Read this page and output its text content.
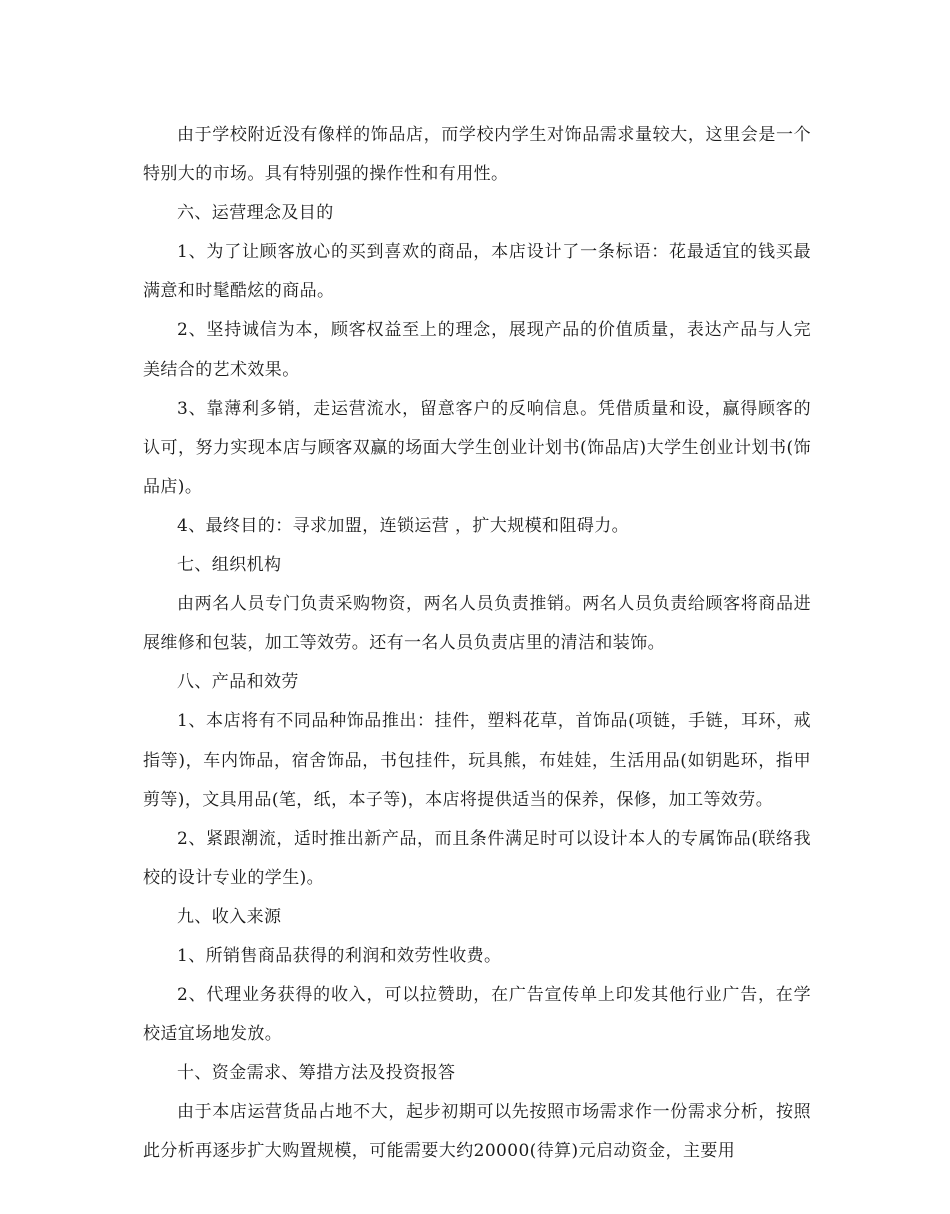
由于学校附近没有像样的饰品店，而学校内学生对饰品需求量较大，这里会是一个特别大的市场。具有特别强的操作性和有用性。

六、运营理念及目的

1、为了让顾客放心的买到喜欢的商品，本店设计了一条标语：花最适宜的钱买最满意和时髦酷炫的商品。

2、坚持诚信为本，顾客权益至上的理念，展现产品的价值质量，表达产品与人完美结合的艺术效果。

3、靠薄利多销，走运营流水，留意客户的反响信息。凭借质量和设，赢得顾客的认可，努力实现本店与顾客双赢的场面大学生创业计划书(饰品店)大学生创业计划书(饰品店)。

4、最终目的：寻求加盟，连锁运营 ，扩大规模和阻碍力。

七、组织机构

由两名人员专门负责采购物资，两名人员负责推销。两名人员负责给顾客将商品进展维修和包装，加工等效劳。还有一名人员负责店里的清洁和装饰。

八、产品和效劳

1、本店将有不同品种饰品推出：挂件，塑料花草，首饰品(项链，手链，耳环，戒指等)，车内饰品，宿舍饰品，书包挂件，玩具熊，布娃娃，生活用品(如钥匙环，指甲剪等)，文具用品(笔，纸，本子等)，本店将提供适当的保养，保修，加工等效劳。

2、紧跟潮流，适时推出新产品，而且条件满足时可以设计本人的专属饰品(联络我校的设计专业的学生)。

九、收入来源

1、所销售商品获得的利润和效劳性收费。

2、代理业务获得的收入，可以拉赞助，在广告宣传单上印发其他行业广告，在学校适宜场地发放。

十、资金需求、筹措方法及投资报答

由于本店运营货品占地不大，起步初期可以先按照市场需求作一份需求分析，按照此分析再逐步扩大购置规模，可能需要大约20000(待算)元启动资金，主要用
